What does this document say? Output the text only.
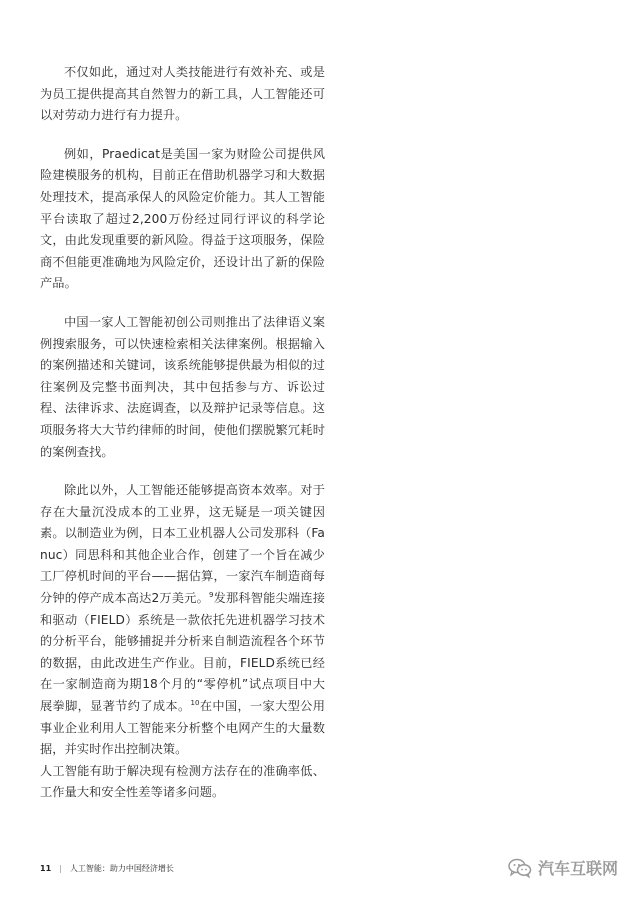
不仅如此，通过对人类技能进行有效补充、或是为员工提供提高其自然智力的新工具，人工智能还可以对劳动力进行有力提升。

例如，Praedicat是美国一家为财险公司提供风险建模服务的机构，目前正在借助机器学习和大数据处理技术，提高承保人的风险定价能力。其人工智能平台读取了超过2,200万份经过同行评议的科学论文，由此发现重要的新风险。得益于这项服务，保险商不但能更准确地为风险定价，还设计出了新的保险产品。

中国一家人工智能初创公司则推出了法律语义案例搜索服务，可以快速检索相关法律案例。根据输入的案例描述和关键词，该系统能够提供最为相似的过往案例及完整书面判决，其中包括参与方、诉讼过程、法律诉求、法庭调查，以及辩护记录等信息。这项服务将大大节约律师的时间，使他们摆脱繁冗耗时的案例查找。

除此以外，人工智能还能够提高资本效率。对于存在大量沉没成本的工业界，这无疑是一项关键因素。以制造业为例，日本工业机器人公司发那科（Fanuc）同思科和其他企业合作，创建了一个旨在减少工厂停机时间的平台——据估算，一家汽车制造商每分钟的停产成本高达2万美元。$^9$发那科智能尖端连接和驱动（FIELD）系统是一款依托先进机器学习技术的分析平台，能够捕捉并分析来自制造流程各个环节的数据，由此改进生产作业。目前，FIELD系统已经在一家制造商为期18个月的“零停机”试点项目中大展拳脚，显著节约了成本。$^{10}$在中国，一家大型公用事业企业利用人工智能来分析整个电网产生的大量数据，并实时作出控制决策。
人工智能有助于解决现有检测方法存在的准确率低、工作量大和安全性差等诸多问题。

11 | 人工智能：助力中国经济增长	汽车互联网
